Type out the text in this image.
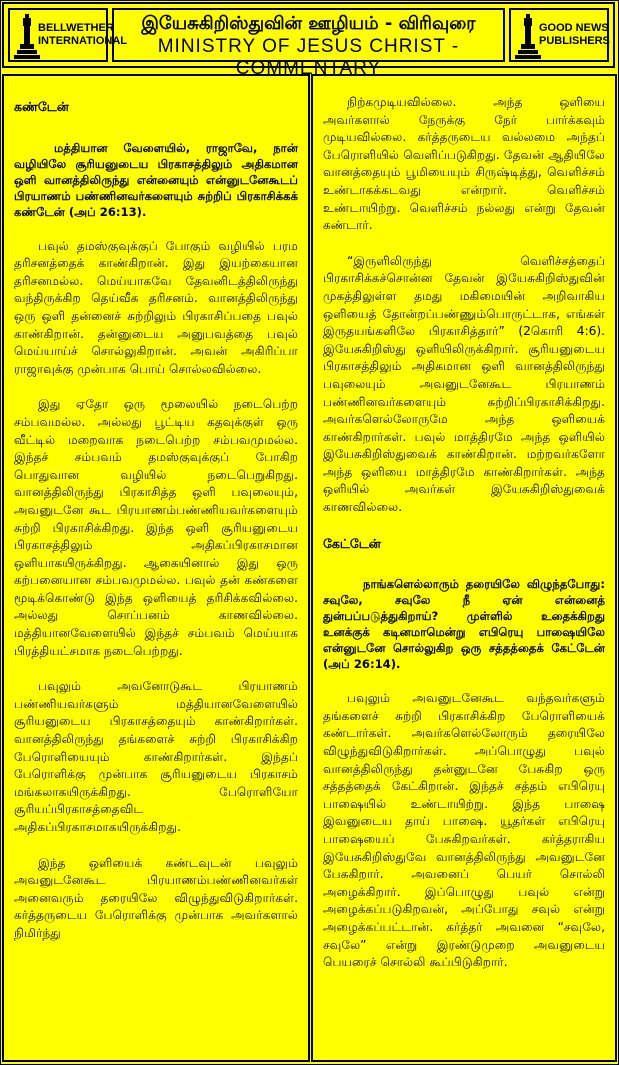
BELLWETHER
INTERNATIONAL
இயேசுகிறிஸ்துவின் ஊழியம் - விரிவுரை
MINISTRY OF JESUS CHRIST - COMMENTARY
GOOD NEWS
PUBLISHERS
கண்டேன்
மத்தியான வேளையில், ராஜாவே, நான் வழியிலே சூரியனுடைய பிரகாசத்திலும் அதிகமான ஒளி வானத்திலிருந்து என்னையும் என்னுடனேகூடப் பிரயாணம் பண்ணினவர்களையும் சுற்றிப் பிரகாசிக்கக் கண்டேன் (அப் 26:13).

பவுல் தமஸ்குவுக்குப் போகும் வழியில் பரம தரிசனத்தைக் காண்கிறான். இது இயற்கையான தரிசனமல்ல. மெய்யாகவே தேவனிடத்திலிருந்து வந்திருக்கிற தெய்வீக தரிசனம். வானத்திலிருந்து ஒரு ஒளி தன்னைச் சுற்றிலும் பிரகாசிப்பதை பவுல் காண்கிறான். தன்னுடைய அனுபவத்தை பவுல் மெய்யாய்ச் சொல்லுகிறான். அவன் அகிரிப்பா ராஜாவுக்கு முன்பாக பொய் சொல்லவில்லை.

இது ஏதோ ஒரு மூலையில் நடைபெற்ற சம்பவமல்ல. அல்லது பூட்டிய கதவுக்குள் ஒரு வீட்டில் மறைவாக நடைபெற்ற சம்பவமுமல்ல. இந்தச் சம்பவம் தமஸ்குவுக்குப் போகிற பொதுவான வழியில் நடைபெறுகிறது. வானத்திலிருந்து பிரகாசித்த ஒளி பவுலையும், அவனுடனே கூட பிரயாணம்பண்ணியவர்களையும் சுற்றி பிரகாசிக்கிறது. இந்த ஒளி சூரியனுடைய பிரகாசத்திலும் அதிகப்பிரகாசமான ஒளியாகயிருக்கிறது. ஆகையினால் இது ஒரு கற்பனையான சம்பவமுமல்ல. பவுல் தன் கண்களை மூடிக்கொண்டு இந்த ஒளியைத் தரிசிக்கவில்லை. அல்லது சொப்பனம் காணவில்லை. மத்தியானவேளையில் இந்தச் சம்பவம் மெய்யாக பிரத்தியட்சமாக நடைபெற்றது.

பவுலும் அவனோடுகூட பிரயாணம் பண்ணியவர்களும் மத்தியானவேளையில் சூரியனுடைய பிரகாசத்தையும் காண்கிறார்கள். வானத்திலிருந்து தங்களைச் சுற்றி பிரகாசிக்கிற பேரொளியையும் காண்கிறார்கள். இந்தப் பேரொளிக்கு முன்பாக சூரியனுடைய பிரகாசம் மங்கலாகயிருக்கிறது. பேரொளியோ சூரியப்பிரகாசத்தைவிட அதிகப்பிரகாசமாகயிருக்கிறது.

இந்த ஒளியைக் கண்டவுடன் பவுலும் அவனுடனேகூட பிரயாணம்பண்ணினவர்கள் அனைவரும் தரையிலே விழுந்துவிடுகிறார்கள். கர்த்தருடைய பேரொளிக்கு முன்பாக அவர்களால் நிமிர்ந்து

நிற்கமுடியவில்லை. அந்த ஒளியை அவர்களால் நேருக்கு நேர் பார்க்கவும் முடியவில்லை. கர்த்தருடைய வல்லமை அந்தப் பேரொளியில் வெளிப்படுகிறது. தேவன் ஆதியிலே வானத்தையும் பூமியையும் சிருஷ்டித்து, வெளிச்சம் உண்டாகக்கடவது என்றார். வெளிச்சம் உண்டாயிற்று. வெளிச்சம் நல்லது என்று தேவன் கண்டார்.

“இருளிலிருந்து வெளிச்சத்தைப் பிரகாசிக்கச்சொன்ன தேவன் இயேசுகிறிஸ்துவின் முகத்திலுள்ள தமது மகிமையின் அறிவாகிய ஒளியைத் தோன்றப்பண்ணும்பொருட்டாக, எங்கள் இருதயங்களிலே பிரகாசித்தார்” (2கொரி 4:6). இயேசுகிறிஸ்து ஒளியிலிருக்கிறார். சூரியனுடைய பிரகாசத்திலும் அதிகமான ஒளி வானத்திலிருந்து பவுலையும் அவனுடனேகூட பிரயாணம் பண்ணினவர்களையும் சுற்றிப்பிரகாசிக்கிறது. அவர்களெல்லோருமே அந்த ஒளியைக் காண்கிறார்கள். பவுல் மாத்திரமே அந்த ஒளியில் இயேசுகிறிஸ்துவைக் காண்கிறான். மற்றவர்களோ அந்த ஒளியை மாத்திரமே காண்கிறார்கள். அந்த ஒளியில் அவர்கள் இயேசுகிறிஸ்துவைக் காணவில்லை.

கேட்டேன்
நாங்களெல்லாரும் தரையிலே விழுந்தபோது: சவுலே, சவுலே நீ ஏன் என்னைத் துன்பப்படுத்துகிறாய்? முள்ளில் உதைக்கிறது உனக்குக் கடினமாமென்று எபிரெயு பாஷையிலே என்னுடனே சொல்லுகிற ஒரு சத்தத்தைக் கேட்டேன் (அப் 26:14).

பவுலும் அவனுடனேகூட வந்தவர்களும் தங்களைச் சுற்றி பிரகாசிக்கிற பேரொளியைக் கண்டார்கள். அவர்களெல்லோரும் தரையிலே விழுந்துவிடுகிறார்கள். அப்பொழுது பவுல் வானத்திலிருந்து தன்னுடனே பேசுகிற ஒரு சத்தத்தைக் கேட்கிறான். இந்தச் சத்தம் எபிரெயு பாஷையில் உண்டாயிற்று. இந்த பாஷை இவனுடைய தாய் பாஷை. யூதர்கள் எபிரெயு பாஷையைப் பேசுகிறவர்கள். கர்த்தராகிய இயேசுகிறிஸ்துவே வானத்திலிருந்து அவனுடனே பேசுகிறார். அவனைப் பெயர் சொல்லி அழைக்கிறார். இப்பொழுது பவுல் என்று அழைக்கப்படுகிறவன், அப்போது சவுல் என்று அழைக்கப்பட்டான். கர்த்தர் அவனை “சவுலே, சவுலே” என்று இரண்டுமுறை அவனுடைய பெயரைச் சொல்லி கூப்பிடுகிறார்.
